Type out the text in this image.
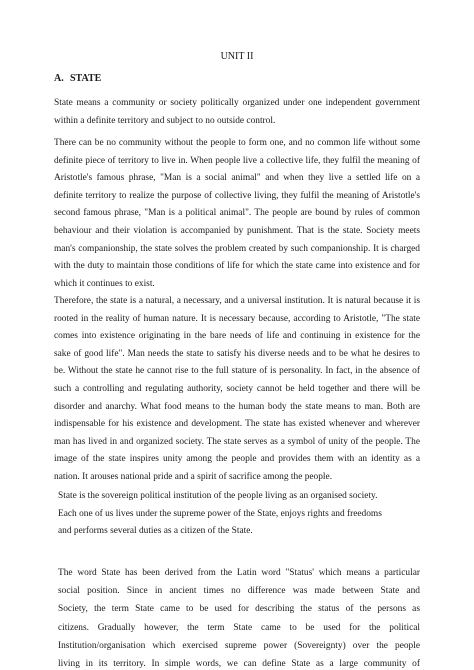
UNIT II
A. STATE
State means a community or society politically organized under one independent government
within a definite territory and subject to no outside control.
There can be no community without the people to form one, and no common life without some
definite piece of territory to live in. When people live a collective life, they fulfil the meaning of
Aristotle's famous phrase, "Man is a social animal" and when they live a settled life on a
definite territory to realize the purpose of collective living, they fulfil the meaning of Aristotle's
second famous phrase, "Man is a political animal". The people are bound by rules of common
behaviour and their violation is accompanied by punishment. That is the state. Society meets
man's companionship, the state solves the problem created by such companionship. It is charged
with the duty to maintain those conditions of life for which the state came into existence and for
which it continues to exist.
Therefore, the state is a natural, a necessary, and a universal institution. It is natural because it is
rooted in the reality of human nature. It is necessary because, according to Aristotle, "The state
comes into existence originating in the bare needs of life and continuing in existence for the
sake of good life". Man needs the state to satisfy his diverse needs and to be what he desires to
be. Without the state he cannot rise to the full stature of is personality. In fact, in the absence of
such a controlling and regulating authority, society cannot be held together and there will be
disorder and anarchy. What food means to the human body the state means to man. Both are
indispensable for his existence and development. The state has existed whenever and wherever
man has lived in and organized society. The state serves as a symbol of unity of the people. The
image of the state inspires unity among the people and provides them with an identity as a
nation. It arouses national pride and a spirit of sacrifice among the people.
State is the sovereign political institution of the people living as an organised society.
Each one of us lives under the supreme power of the State, enjoys rights and freedoms
and performs several duties as a citizen of the State.
The word State has been derived from the Latin word "Status' which means a particular
social position. Since in ancient times no difference was made between State and
Society, the term State came to be used for describing the status of the persons as
citizens. Gradually however, the term State came to be used for the political
Institution/organisation which exercised supreme power (Sovereignty) over the people
living in its territory. In simple words, we can define State as a large community of
